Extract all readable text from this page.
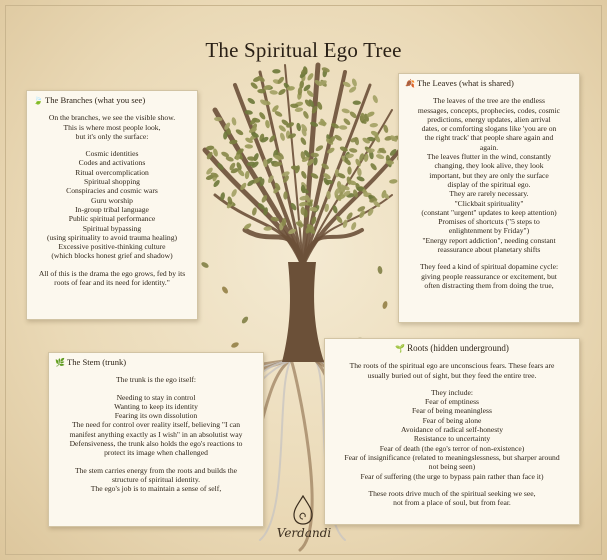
The Spiritual Ego Tree
🍃 The Branches (what you see)

On the branches, we see the visible show.

This is where most people look,

but it's only the surface:

Cosmic identities

Codes and activations

Ritual overcomplication

Spiritual shopping

Conspiracies and cosmic wars

Guru worship

In-group tribal language

Public spiritual performance

Spiritual bypassing

(using spirituality to avoid trauma healing)

Excessive positive-thinking culture

(which blocks honest grief and shadow)

All of this is the drama the ego grows, fed by its

roots of fear and its need for identity."

🍂 The Leaves (what is shared)

The leaves of the tree are the endless

messages, concepts, prophecies, codes, cosmic

predictions, energy updates, alien arrival

dates, or comforting slogans like 'you are on

the right track' that people share again and

again.

The leaves flutter in the wind, constantly

changing, they look alive, they look

important, but they are only the surface

display of the spiritual ego.

They are rarely necessary.

"Clickbait spirituality"

(constant "urgent" updates to keep attention)

Promises of shortcuts ("5 steps to

enlightenment by Friday")

"Energy report addiction", needing constant

reassurance about planetary shifts

They feed a kind of spiritual dopamine cycle:

giving people reassurance or excitement, but

often distracting them from doing the true,

🌿 The Stem (trunk)

The trunk is the ego itself:

Needing to stay in control

Wanting to keep its identity

Fearing its own dissolution

The need for control over reality itself, believing "I can

manifest anything exactly as I wish" in an absolutist way

Defensiveness, the trunk also holds the ego's reactions to

protect its image when challenged

The stem carries energy from the roots and builds the

structure of spiritual identity.

The ego's job is to maintain a sense of self,

🌱 Roots (hidden underground)

The roots of the spiritual ego are unconscious fears. These fears are

usually buried out of sight, but they feed the entire tree.

They include:

Fear of emptiness

Fear of being meaningless

Fear of being alone

Avoidance of radical self-honesty

Resistance to uncertainty

Fear of death (the ego's terror of non-existence)

Fear of insignificance (related to meaningslessness, but sharper around

not being seen)

Fear of suffering (the urge to bypass pain rather than face it)

These roots drive much of the spiritual seeking we see,

not from a place of soul, but from fear.

Verdandi
